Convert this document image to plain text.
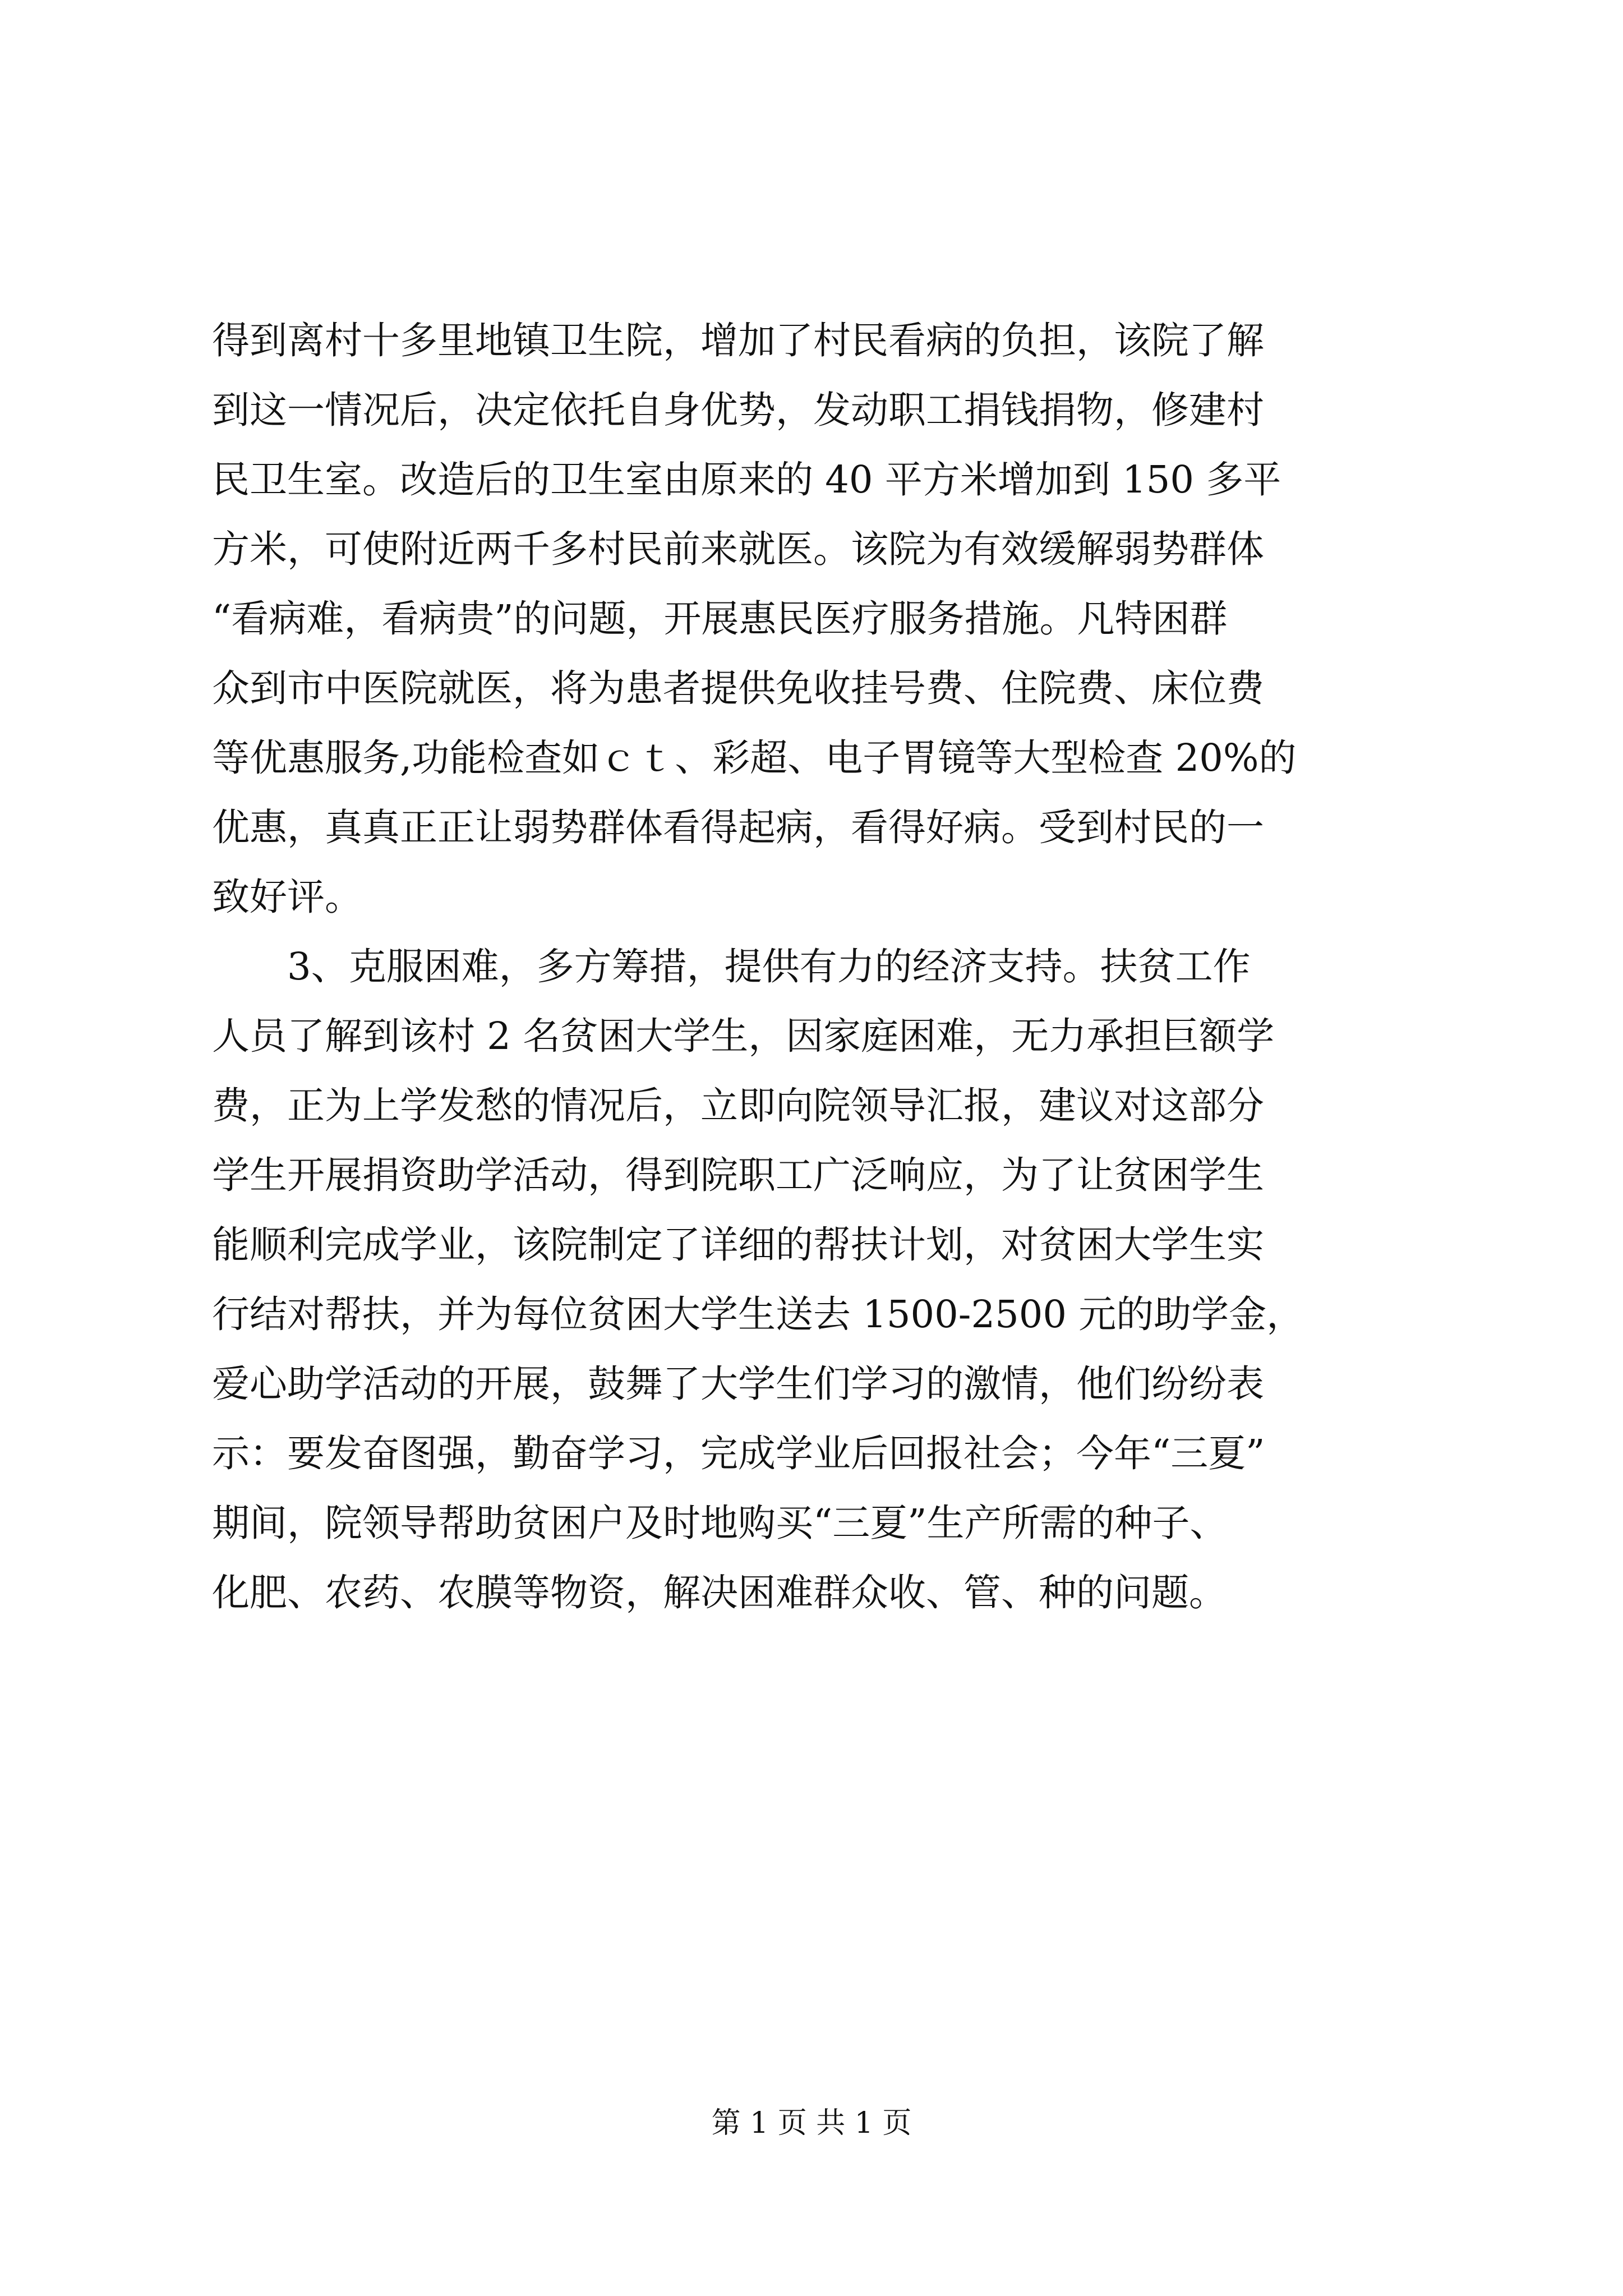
得到离村十多里地镇卫生院，增加了村民看病的负担，该院了解
到这一情况后，决定依托自身优势，发动职工捐钱捐物，修建村
民卫生室。改造后的卫生室由原来的 40 平方米增加到 150 多平
方米，可使附近两千多村民前来就医。该院为有效缓解弱势群体
“看病难，看病贵”的问题，开展惠民医疗服务措施。凡特困群
众到市中医院就医，将为患者提供免收挂号费、住院费、床位费
等优惠服务,功能检查如ｃｔ、彩超、电子胃镜等大型检查 20%的
优惠，真真正正让弱势群体看得起病，看得好病。受到村民的一
致好评。
　　3、克服困难，多方筹措，提供有力的经济支持。扶贫工作
人员了解到该村 2 名贫困大学生，因家庭困难，无力承担巨额学
费，正为上学发愁的情况后，立即向院领导汇报，建议对这部分
学生开展捐资助学活动，得到院职工广泛响应，为了让贫困学生
能顺利完成学业，该院制定了详细的帮扶计划，对贫困大学生实
行结对帮扶，并为每位贫困大学生送去 1500-2500 元的助学金，
爱心助学活动的开展，鼓舞了大学生们学习的激情，他们纷纷表
示：要发奋图强，勤奋学习，完成学业后回报社会；今年“三夏”
期间，院领导帮助贫困户及时地购买“三夏”生产所需的种子、
化肥、农药、农膜等物资，解决困难群众收、管、种的问题。
第 1 页 共 1 页
